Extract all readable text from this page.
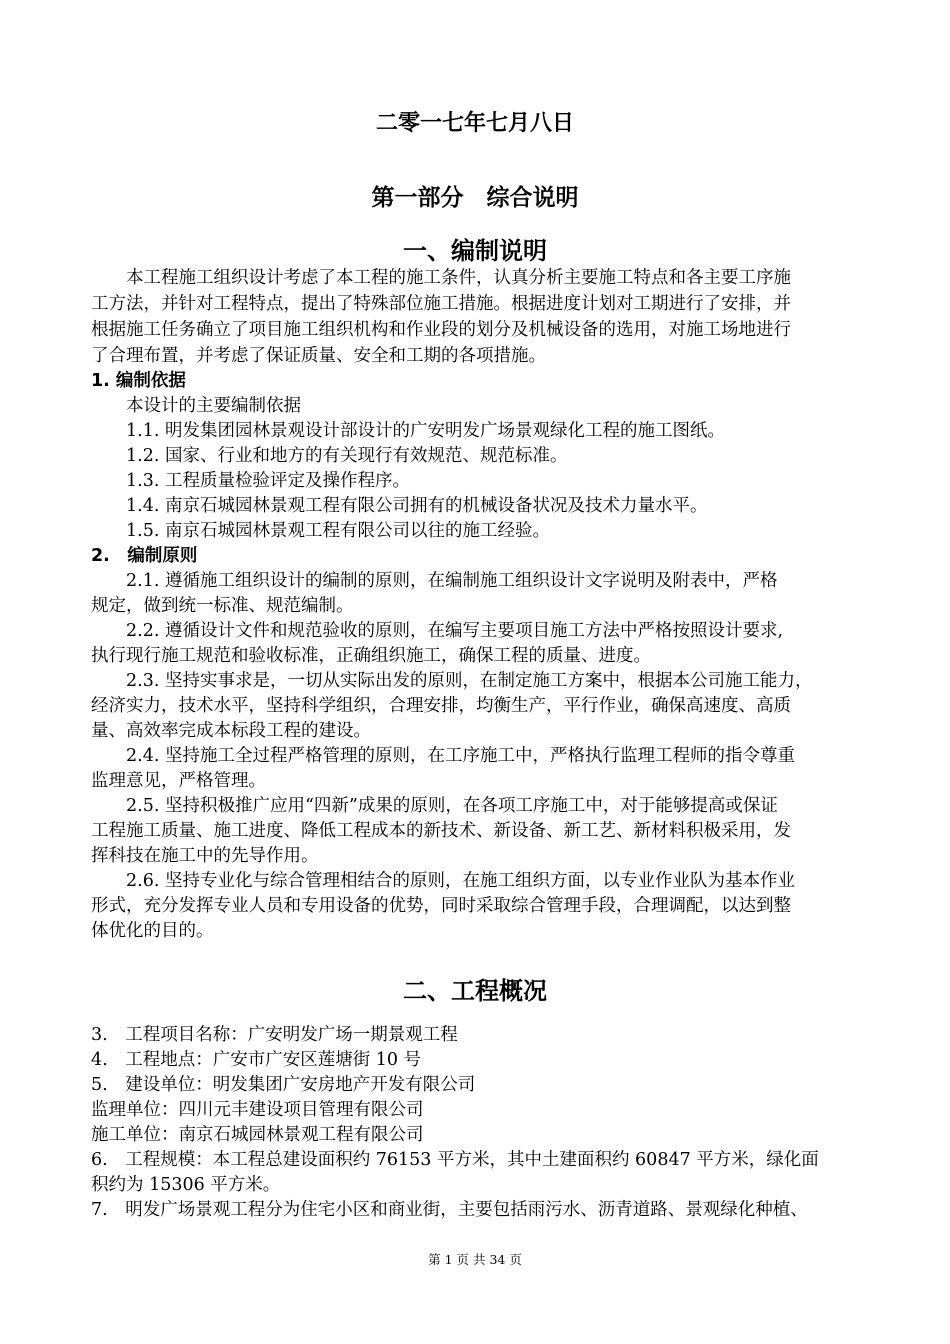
二零一七年七月八日
第一部分　综合说明
一、编制说明
　　本工程施工组织设计考虑了本工程的施工条件，认真分析主要施工特点和各主要工序施
工方法，并针对工程特点，提出了特殊部位施工措施。根据进度计划对工期进行了安排，并
根据施工任务确立了项目施工组织机构和作业段的划分及机械设备的选用，对施工场地进行
了合理布置，并考虑了保证质量、安全和工期的各项措施。
1. 编制依据
　　本设计的主要编制依据
　　1.1. 明发集团园林景观设计部设计的广安明发广场景观绿化工程的施工图纸。
　　1.2. 国家、行业和地方的有关现行有效规范、规范标准。
　　1.3. 工程质量检验评定及操作程序。
　　1.4. 南京石城园林景观工程有限公司拥有的机械设备状况及技术力量水平。
　　1.5. 南京石城园林景观工程有限公司以往的施工经验。
2.　编制原则
　　2.1. 遵循施工组织设计的编制的原则，在编制施工组织设计文字说明及附表中，严格
规定，做到统一标准、规范编制。
　　2.2. 遵循设计文件和规范验收的原则，在编写主要项目施工方法中严格按照设计要求,
执行现行施工规范和验收标准，正确组织施工，确保工程的质量、进度。
　　2.3. 坚持实事求是，一切从实际出发的原则，在制定施工方案中，根据本公司施工能力，
经济实力，技术水平，坚持科学组织，合理安排，均衡生产，平行作业，确保高速度、高质
量、高效率完成本标段工程的建设。
　　2.4. 坚持施工全过程严格管理的原则，在工序施工中，严格执行监理工程师的指令尊重
监理意见，严格管理。
　　2.5. 坚持积极推广应用“四新”成果的原则，在各项工序施工中，对于能够提高或保证
工程施工质量、施工进度、降低工程成本的新技术、新设备、新工艺、新材料积极采用，发
挥科技在施工中的先导作用。
　　2.6. 坚持专业化与综合管理相结合的原则，在施工组织方面，以专业作业队为基本作业
形式，充分发挥专业人员和专用设备的优势，同时采取综合管理手段，合理调配，以达到整
体优化的目的。
二、工程概况
3.　工程项目名称：广安明发广场一期景观工程
4.　工程地点：广安市广安区莲塘街 10 号
5.　建设单位：明发集团广安房地产开发有限公司
监理单位：四川元丰建设项目管理有限公司
施工单位：南京石城园林景观工程有限公司
6.　工程规模：本工程总建设面积约 76153 平方米，其中土建面积约 60847 平方米，绿化面
积约为 15306 平方米。
7.　明发广场景观工程分为住宅小区和商业街，主要包括雨污水、沥青道路、景观绿化种植、
第 1 页 共 34 页
